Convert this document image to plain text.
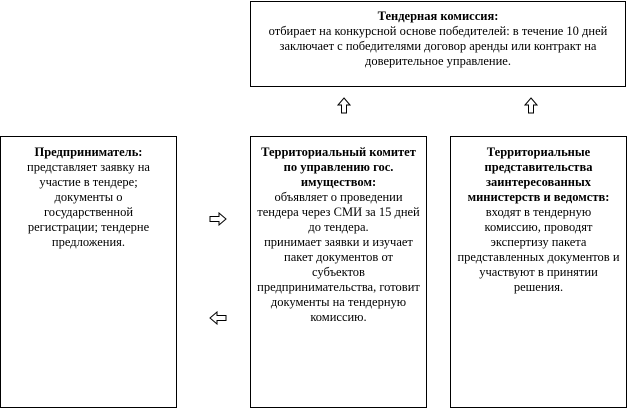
Тендерная комиссия:
отбирает на конкурсной основе победителей: в течение 10 дней заключает с победителями договор аренды или контракт на доверительное управление.
Предприниматель:
представляет заявку на участие в тендере; документы о государственной регистрации; тендерне предложения.
Территориальный комитет по управлению гос. имуществом:
объявляет о проведении тендера через СМИ за 15 дней до тендера.
принимает заявки и изучает пакет документов от субъектов предпринимательства, готовит документы на тендерную комиссию.
Территориальные представительства заинтересованных министерств и ведомств:
входят в тендерную комиссию, проводят экспертизу пакета представленных документов и участвуют в принятии решения.
